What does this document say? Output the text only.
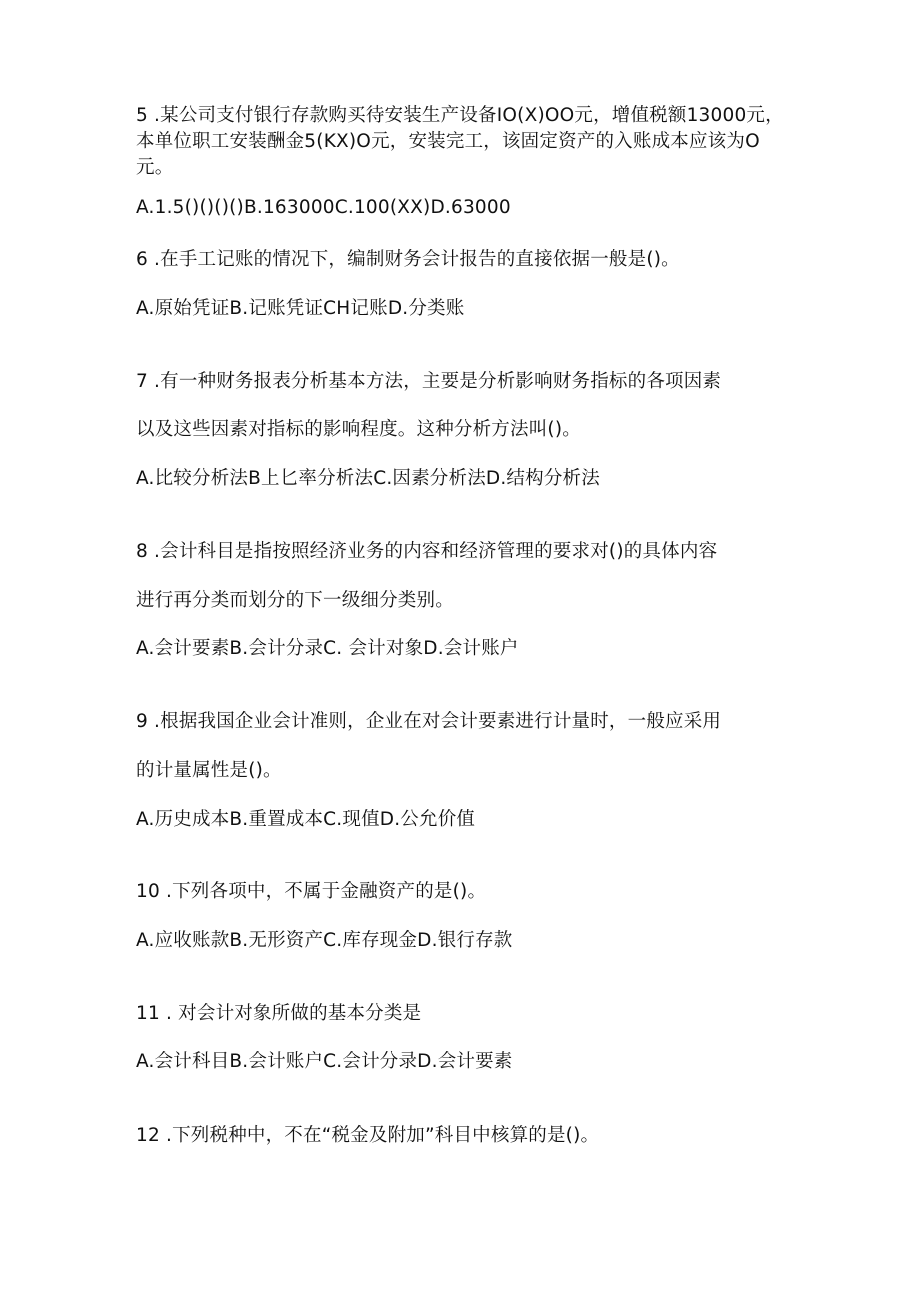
5 .某公司支付银行存款购买待安装生产设备IO(X)OO元，增值税额13000元，
本单位职工安装酬金5(KX)O元，安装完工，该固定资产的入账成本应该为O
元。
A.1.5()()()()B.163000C.100(XX)D.63000
6 .在手工记账的情况下，编制财务会计报告的直接依据一般是()。
A.原始凭证B.记账凭证CH记账D.分类账
7 .有一种财务报表分析基本方法，主要是分析影响财务指标的各项因素
以及这些因素对指标的影响程度。这种分析方法叫()。
A.比较分析法B上匕率分析法C.因素分析法D.结构分析法
8 .会计科目是指按照经济业务的内容和经济管理的要求对()的具体内容
进行再分类而划分的下一级细分类别。
A.会计要素B.会计分录C. 会计对象D.会计账户
9 .根据我国企业会计准则，企业在对会计要素进行计量时，一般应采用
的计量属性是()。
A.历史成本B.重置成本C.现值D.公允价值
10 .下列各项中，不属于金融资产的是()。
A.应收账款B.无形资产C.库存现金D.银行存款
11 . 对会计对象所做的基本分类是
A.会计科目B.会计账户C.会计分录D.会计要素
12 .下列税种中，不在“税金及附加”科目中核算的是()。
